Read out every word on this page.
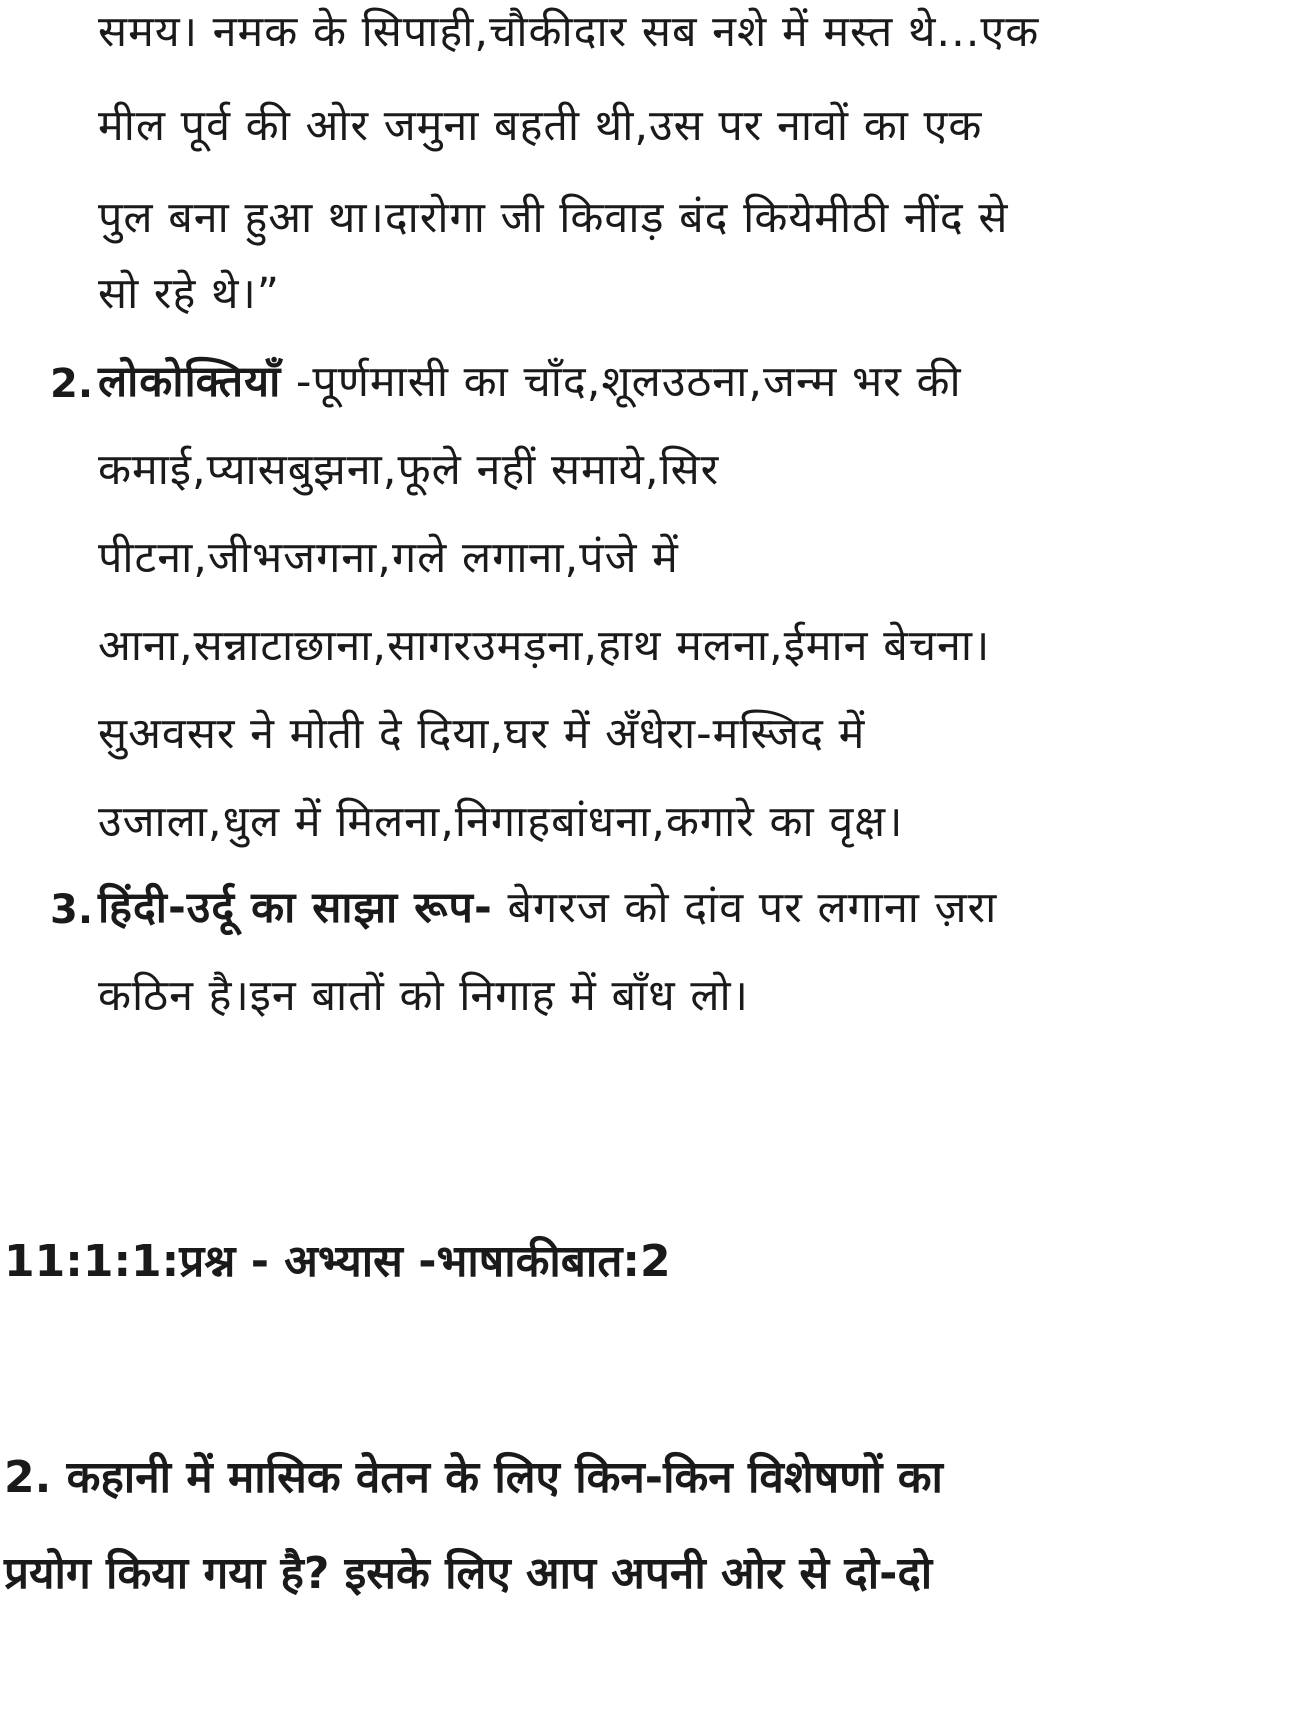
समय। नमक के सिपाही,चौकीदार सब नशे में मस्त थे...एक
मील पूर्व की ओर जमुना बहती थी,उस पर नावों का एक
पुल बना हुआ था।दारोगा जी किवाड़ बंद कियेमीठी नींद से
सो रहे थे।”
2. लोकोक्तियाँ -पूर्णमासी का चाँद,शूलउठना,जन्म भर की
कमाई,प्यासबुझना,फूले नहीं समाये,सिर
पीटना,जीभजगना,गले लगाना,पंजे में
आना,सन्नाटाछाना,सागरउमड़ना,हाथ मलना,ईमान बेचना।
सुअवसर ने मोती दे दिया,घर में अँधेरा-मस्जिद में
उजाला,धुल में मिलना,निगाहबांधना,कगारे का वृक्ष।
3. हिंदी-उर्दू का साझा रूप- बेगरज को दांव पर लगाना ज़रा
कठिन है।इन बातों को निगाह में बाँध लो।
11:1:1:प्रश्न - अभ्यास -भाषाकीबात:2
2. कहानी में मासिक वेतन के लिए किन-किन विशेषणों का
प्रयोग किया गया है? इसके लिए आप अपनी ओर से दो-दो
